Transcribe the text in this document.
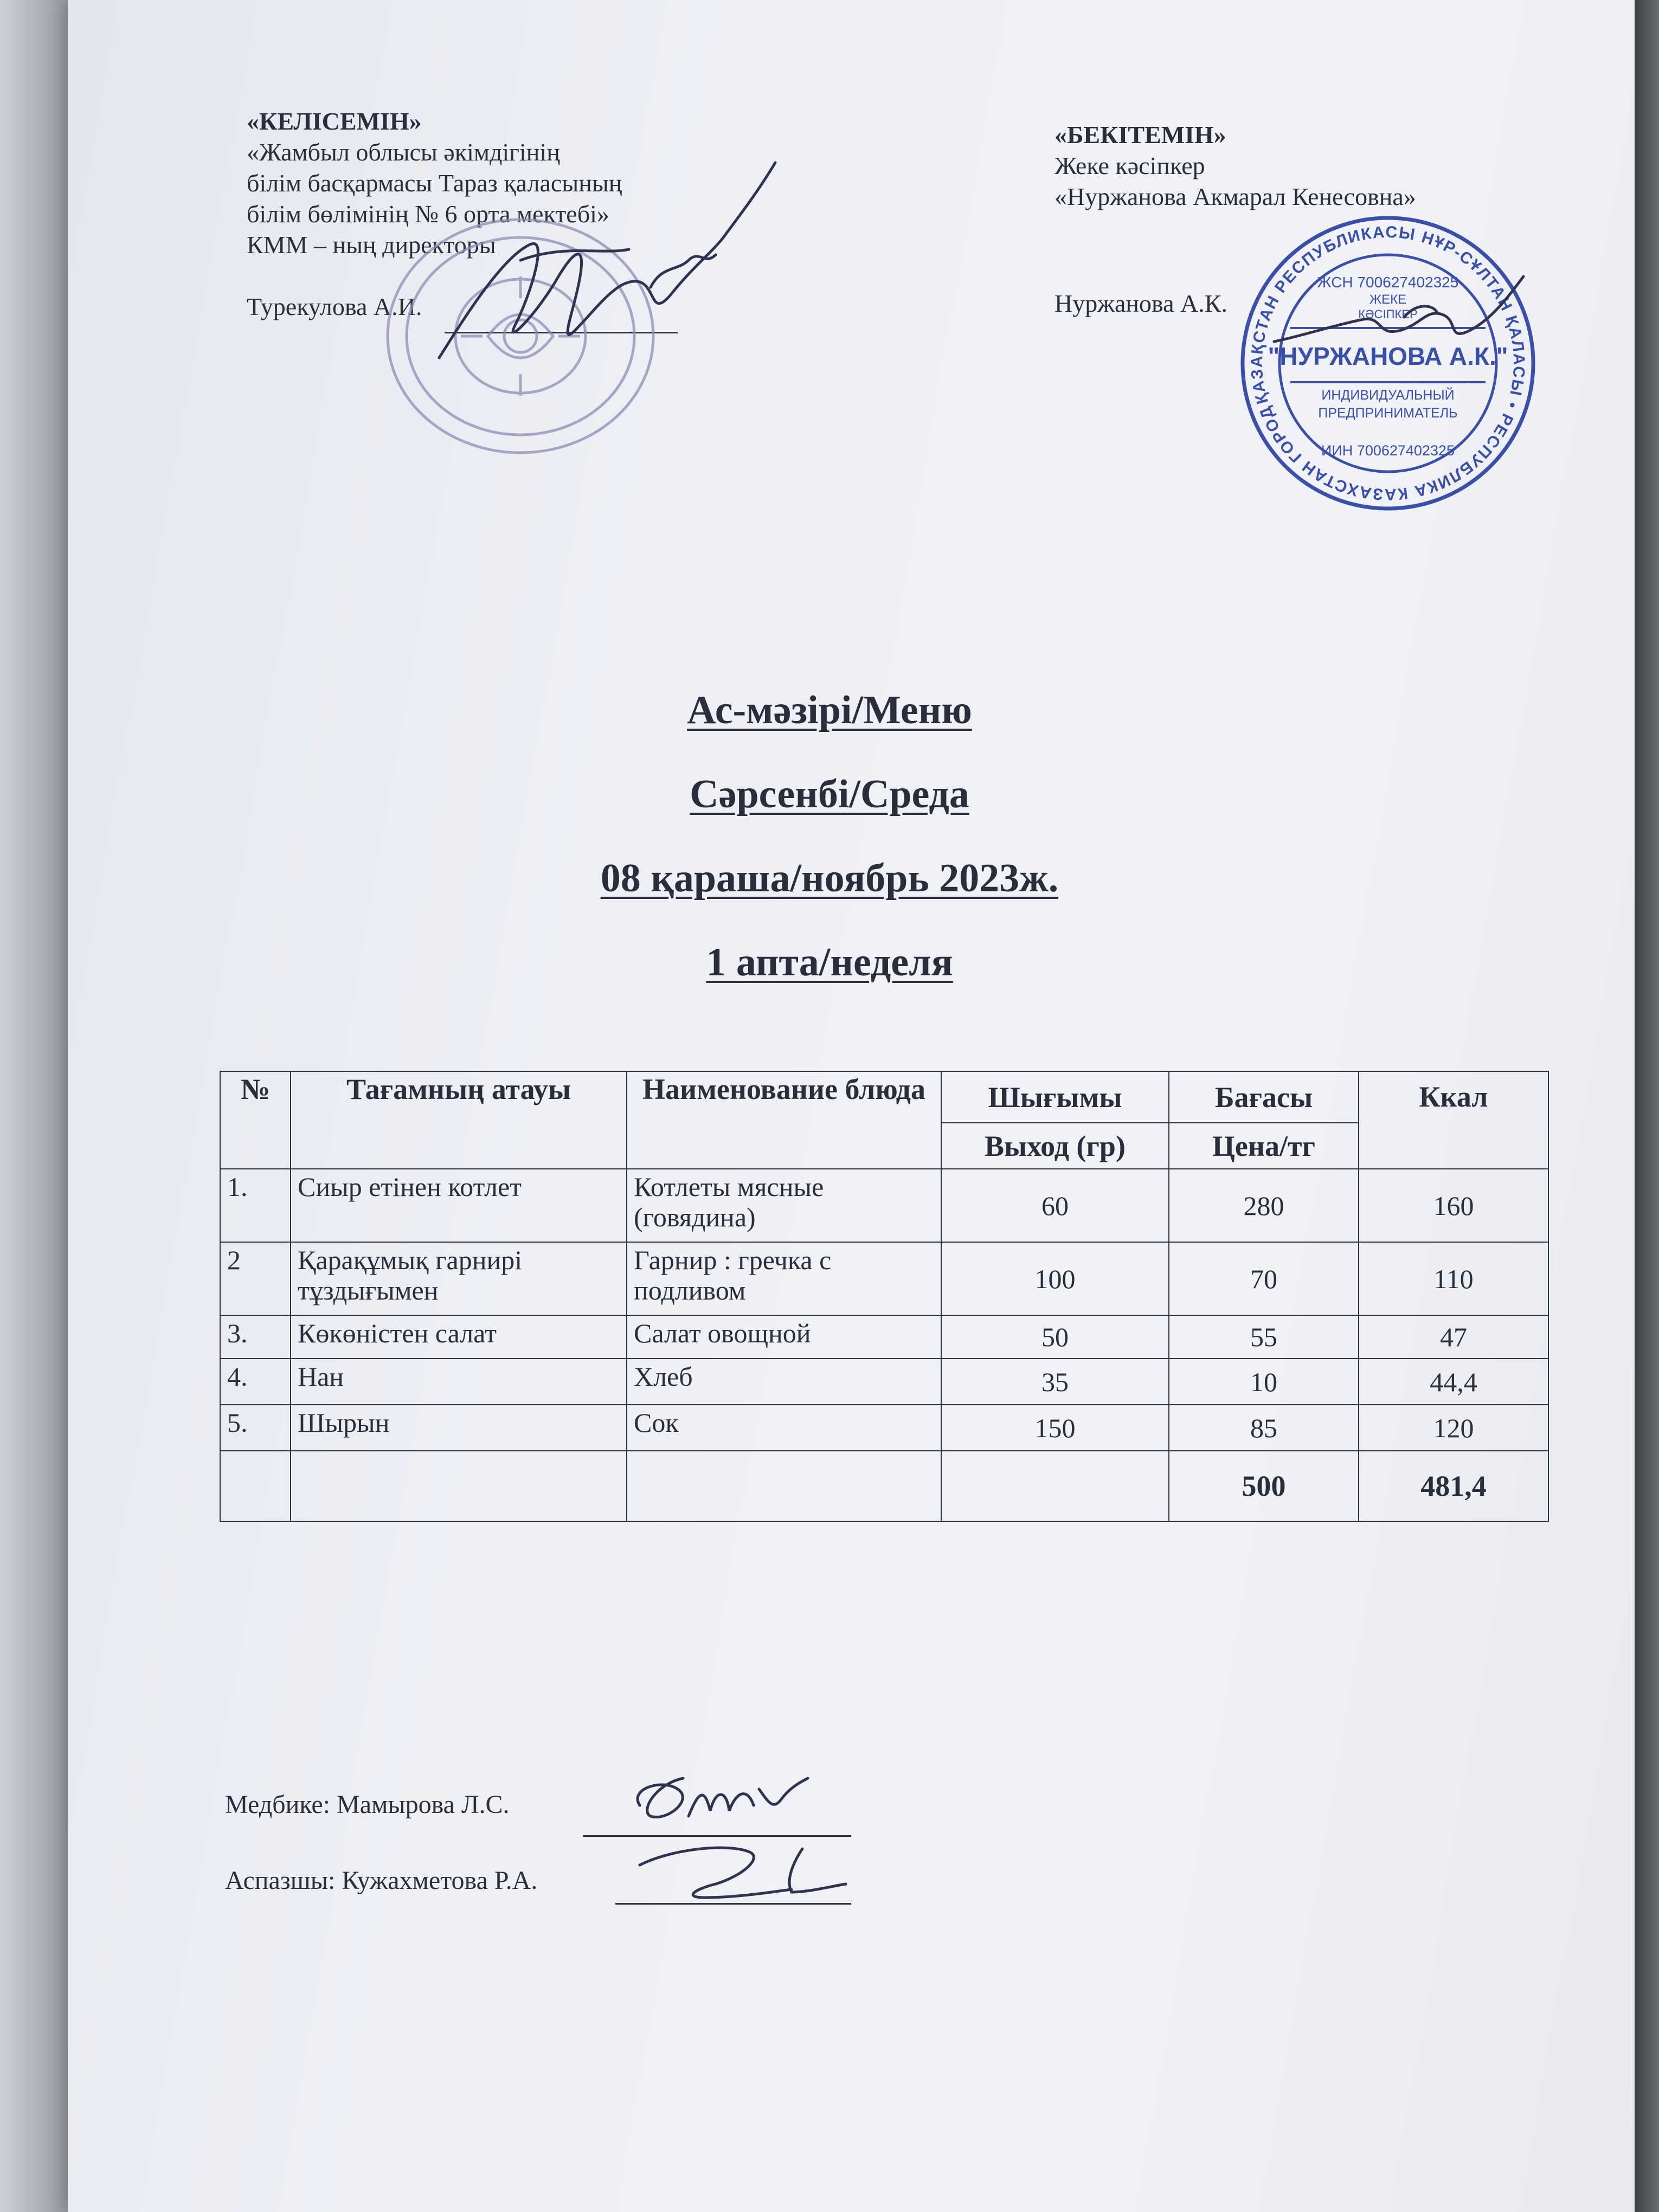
«КЕЛІСЕМІН»
«Жамбыл облысы әкімдігінің
білім басқармасы Тараз қаласының
білім бөлімінің № 6 орта мектебі»
КММ – ның директоры
Турекулова А.И.
«БЕКІТЕМІН»
Жеке кәсіпкер
«Нуржанова Акмарал Кенесовна»
Нуржанова А.К.
ҚАЗАҚСТАН РЕСПУБЛИКАСЫ НҰР-СҰЛТАН ҚАЛАСЫ • РЕСПУБЛИКА КАЗАХСТАН ГОРОД
ЖСН 700627402325
ЖЕКЕ
КӘСІПКЕР
"НУРЖАНОВА А.К."
ИНДИВИДУАЛЬНЫЙ
ПРЕДПРИНИМАТЕЛЬ
ИИН 700627402325
Ас-мәзірі/Меню
Сәрсенбі/Среда
08 қараша/ноябрь 2023ж.
1 апта/неделя
№	Тағамның атауы	Наименование блюда	Шығымы	Бағасы	Ккал
			Выход (гр)	Цена/тг	
1.	Сиыр етінен котлет	Котлеты мясные (говядина)	60	280	160
2	Қарақұмық гарнирі тұздығымен	Гарнир : гречка с подливом	100	70	110
3.	Көкөністен салат	Салат овощной	50	55	47
4.	Нан	Хлеб	35	10	44,4
5.	Шырын	Сок	150	85	120
				500	481,4
Медбике: Мамырова Л.С.
Аспазшы: Кужахметова Р.А.
